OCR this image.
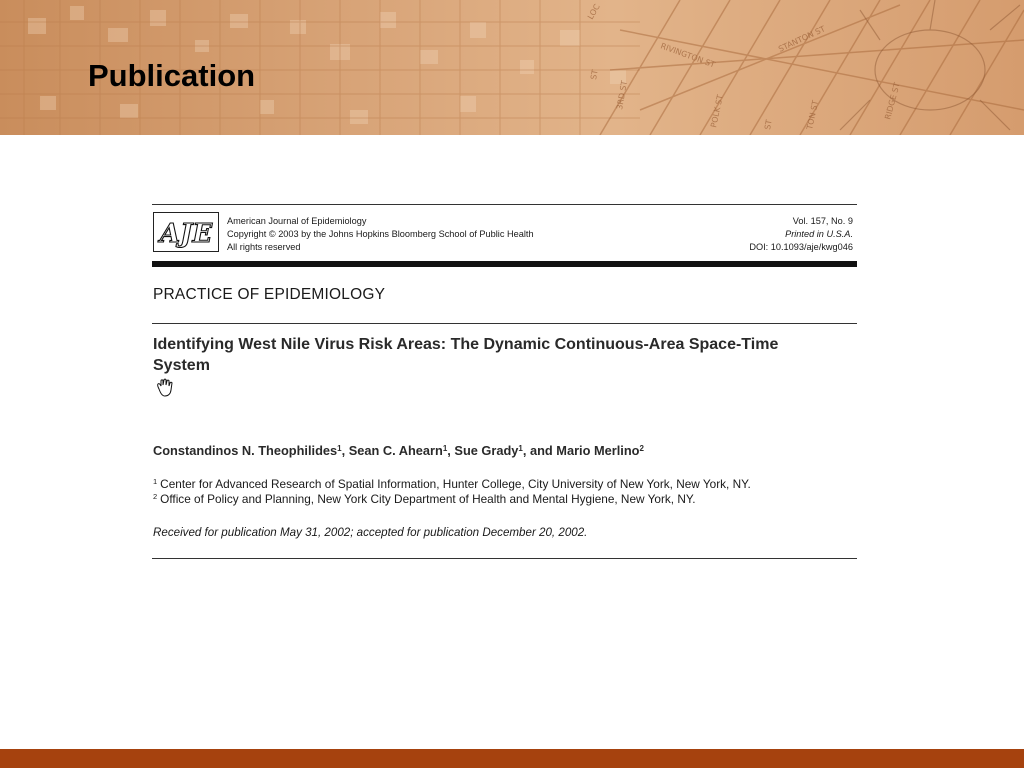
LOC
STANTON ST
RIVINGTON ST
3RD ST
ST
ST
RIDGE ST
TON ST
POLK ST
Publication
AJE American Journal of Epidemiology
Copyright © 2003 by the Johns Hopkins Bloomberg School of Public Health
All rights reserved
Vol. 157, No. 9
Printed in U.S.A.
DOI: 10.1093/aje/kwg046
PRACTICE OF EPIDEMIOLOGY
Identifying West Nile Virus Risk Areas: The Dynamic Continuous-Area Space-Time System
Constandinos N. Theophilides$^1$, Sean C. Ahearn$^1$, Sue Grady$^1$, and Mario Merlino$^2$
$^1$ Center for Advanced Research of Spatial Information, Hunter College, City University of New York, New York, NY.
$^2$ Office of Policy and Planning, New York City Department of Health and Mental Hygiene, New York, NY.
Received for publication May 31, 2002; accepted for publication December 20, 2002.
